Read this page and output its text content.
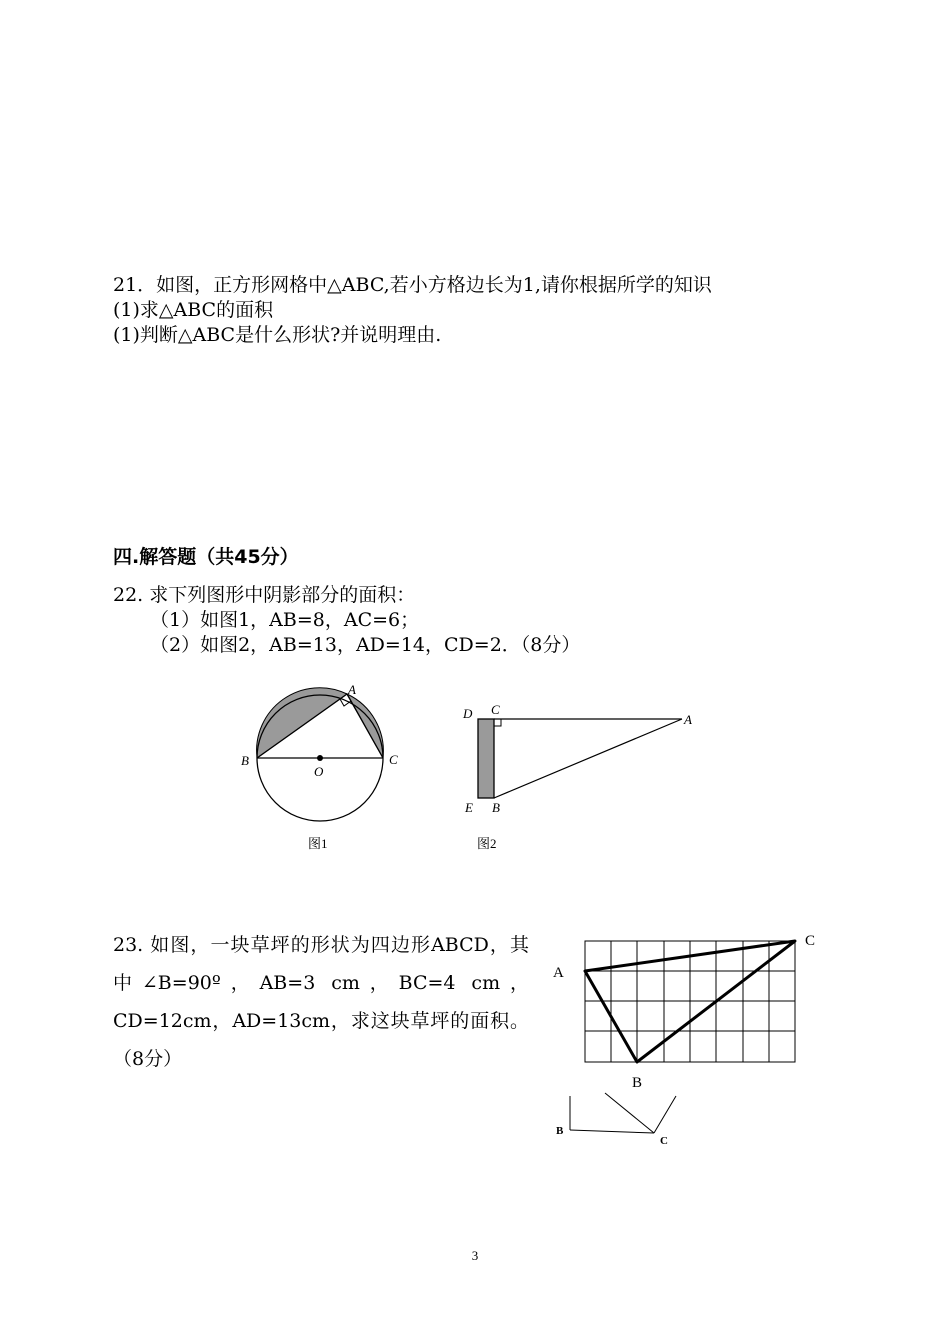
21．如图，正方形网格中△ABC,若小方格边长为1,请你根据所学的知识
(1)求△ABC的面积
(1)判断△ABC是什么形状?并说明理由.
四.解答题（共45分）
22. 求下列图形中阴影部分的面积：
（1）如图1，AB=8，AC=6；
（2）如图2，AB=13，AD=14，CD=2．（8分）
A
B	C
O
图1
D C
A
E B
图2
23. 如图，一块草坪的形状为四边形ABCD，其中∠B=90º，AB=3 cm，BC=4 cm，CD=12cm，AD=13cm，求这块草坪的面积。（8分）
A
B
C
B
C
3
